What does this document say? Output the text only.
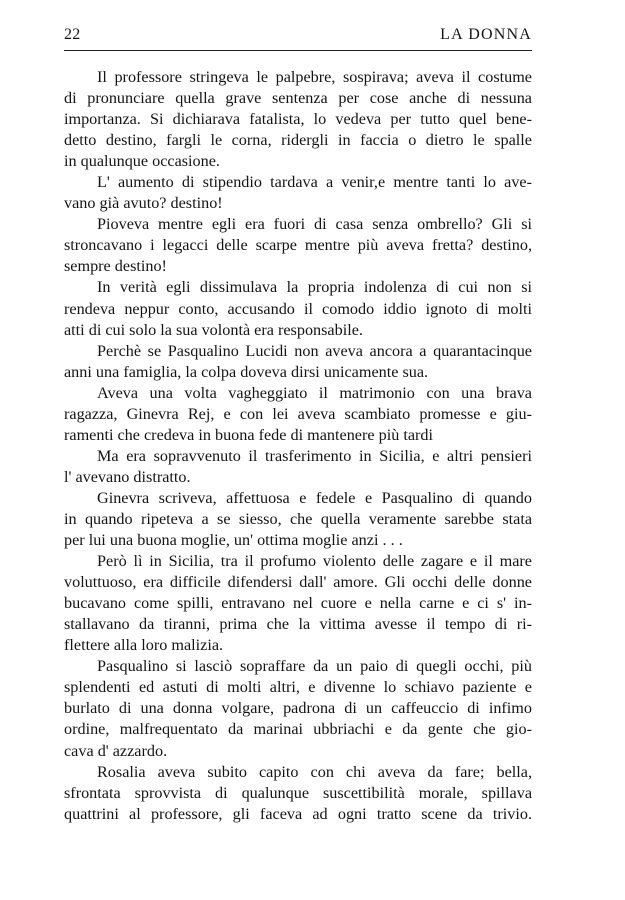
22	LA DONNA
Il professore stringeva le palpebre, sospirava; aveva il costume
di pronunciare quella grave sentenza per cose anche di nessuna
importanza. Si dichiarava fatalista, lo vedeva per tutto quel bene-
detto destino, fargli le corna, ridergli in faccia o dietro le spalle
in qualunque occasione.
L' aumento di stipendio tardava a venir,e mentre tanti lo ave-
vano già avuto? destino!
Pioveva mentre egli era fuori di casa senza ombrello? Gli si
stroncavano i legacci delle scarpe mentre più aveva fretta? destino,
sempre destino!
In verità egli dissimulava la propria indolenza di cui non si
rendeva neppur conto, accusando il comodo iddio ignoto di molti
atti di cui solo la sua volontà era responsabile.
Perchè se Pasqualino Lucidi non aveva ancora a quarantacinque
anni una famiglia, la colpa doveva dirsi unicamente sua.
Aveva una volta vagheggiato il matrimonio con una brava
ragazza, Ginevra Rej, e con lei aveva scambiato promesse e giu-
ramenti che credeva in buona fede di mantenere più tardi
Ma era sopravvenuto il trasferimento in Sicilia, e altri pensieri
l' avevano distratto.
Ginevra scriveva, affettuosa e fedele e Pasqualino di quando
in quando ripeteva a se siesso, che quella veramente sarebbe stata
per lui una buona moglie, un' ottima moglie anzi . . .
Però lì in Sicilia, tra il profumo violento delle zagare e il mare
voluttuoso, era difficile difendersi dall' amore. Gli occhi delle donne
bucavano come spilli, entravano nel cuore e nella carne e ci s' in-
stallavano da tiranni, prima che la vittima avesse il tempo di ri-
flettere alla loro malizia.
Pasqualino si lasciò sopraffare da un paio di quegli occhi, più
splendenti ed astuti di molti altri, e divenne lo schiavo paziente e
burlato di una donna volgare, padrona di un caffeuccio di infimo
ordine, malfrequentato da marinai ubbriachi e da gente che gio-
cava d' azzardo.
Rosalia aveva subito capito con chi aveva da fare; bella,
sfrontata sprovvista di qualunque suscettibilità morale, spillava
quattrini al professore, gli faceva ad ogni tratto scene da trivio.
